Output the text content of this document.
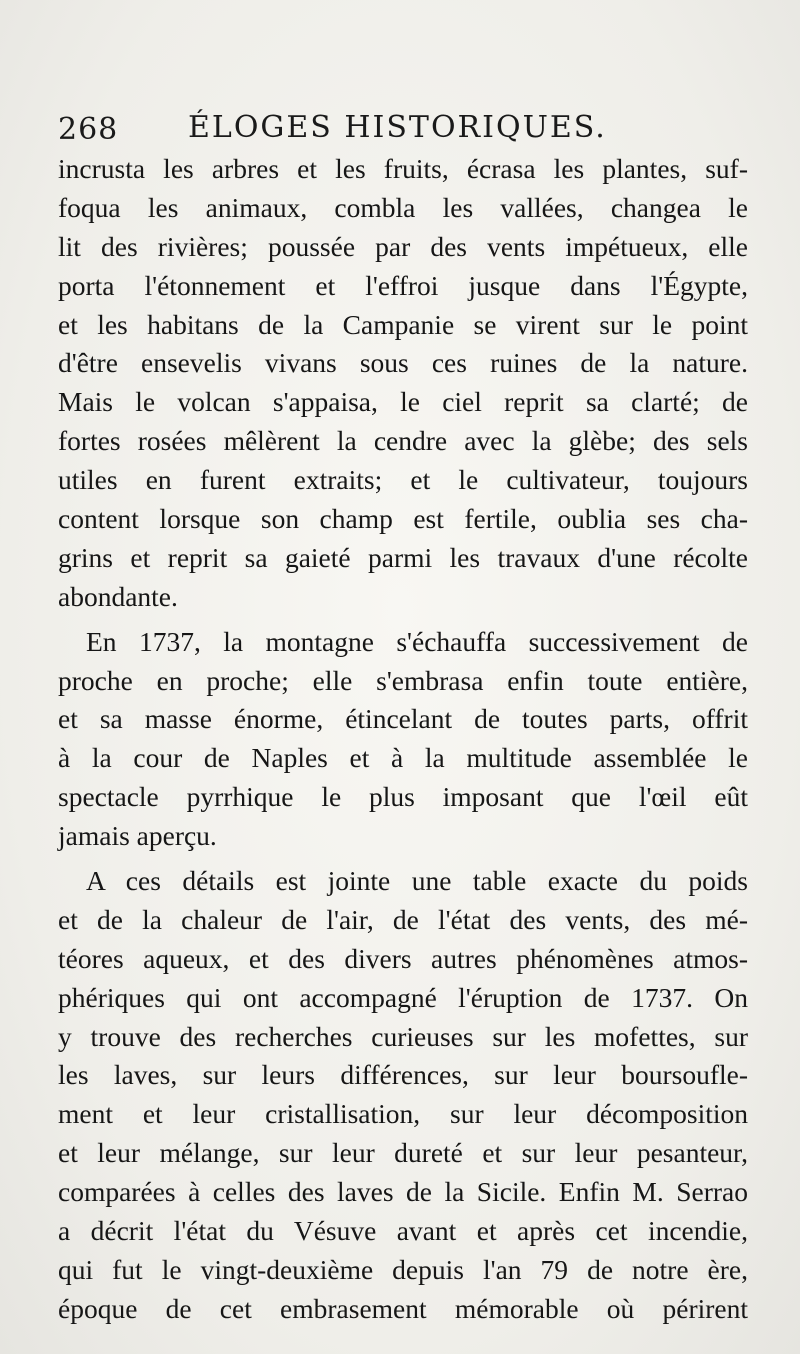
268 ÉLOGES HISTORIQUES.
incrusta les arbres et les fruits, écrasa les plantes, suf-
foqua les animaux, combla les vallées, changea le
lit des rivières; poussée par des vents impétueux, elle
porta l'étonnement et l'effroi jusque dans l'Égypte,
et les habitans de la Campanie se virent sur le point
d'être ensevelis vivans sous ces ruines de la nature.
Mais le volcan s'appaisa, le ciel reprit sa clarté; de
fortes rosées mêlèrent la cendre avec la glèbe; des sels
utiles en furent extraits; et le cultivateur, toujours
content lorsque son champ est fertile, oublia ses cha-
grins et reprit sa gaieté parmi les travaux d'une récolte
abondante.
En 1737, la montagne s'échauffa successivement de
proche en proche; elle s'embrasa enfin toute entière,
et sa masse énorme, étincelant de toutes parts, offrit
à la cour de Naples et à la multitude assemblée le
spectacle pyrrhique le plus imposant que l'œil eût
jamais aperçu.
A ces détails est jointe une table exacte du poids
et de la chaleur de l'air, de l'état des vents, des mé-
téores aqueux, et des divers autres phénomènes atmos-
phériques qui ont accompagné l'éruption de 1737. On
y trouve des recherches curieuses sur les mofettes, sur
les laves, sur leurs différences, sur leur boursoufle-
ment et leur cristallisation, sur leur décomposition
et leur mélange, sur leur dureté et sur leur pesanteur,
comparées à celles des laves de la Sicile. Enfin M. Serrao
a décrit l'état du Vésuve avant et après cet incendie,
qui fut le vingt-deuxième depuis l'an 79 de notre ère,
époque de cet embrasement mémorable où périrent
